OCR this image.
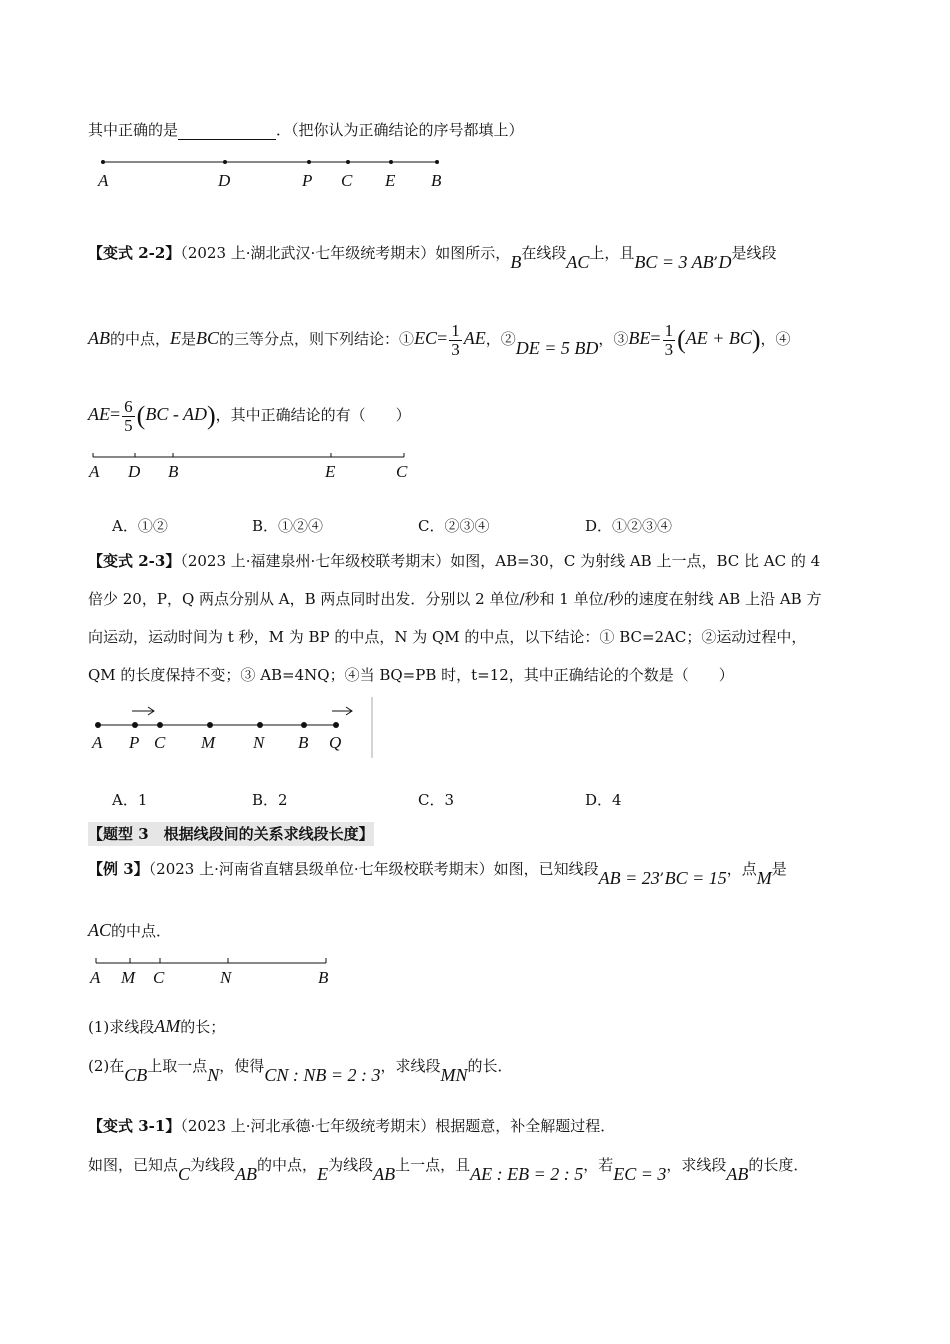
其中正确的是	．（把你认为正确结论的序号都填上）
A	D	P C E B
【变式 2-2】（2023 上·湖北武汉·七年级统考期末）如图所示，B在线段AC上，且BC = 3 AB,D是线段
AB的中点，E是BC的三等分点，则下列结论：①EC= $\frac{1}{3}$ AE，②DE = 5 BD，③BE= $\frac{1}{3} (AE + BC)$，④
$AE= \frac{6}{5} (BC - AD)$，其中正确结论的有（　　）
A D B	E	C
A．①②	B．①②④	C．②③④	D．①②③④
【变式 2-3】（2023 上·福建泉州·七年级校联考期末）如图，AB=30，C 为射线 AB 上一点，BC 比 AC 的 4
倍少 20，P，Q 两点分别从 A，B 两点同时出发．分别以 2 单位/秒和 1 单位/秒的速度在射线 AB 上沿 AB 方
向运动，运动时间为 t 秒，M 为 BP 的中点，N 为 QM 的中点，以下结论：① BC=2AC；②运动过程中，
QM 的长度保持不变；③ AB=4NQ；④当 BQ=PB 时，t=12，其中正确结论的个数是（　　）
A P C M N B Q
A．1	B．2	C．3	D．4
【题型 3　根据线段间的关系求线段长度】
【例 3】（2023 上·河南省直辖县级单位·七年级校联考期末）如图，已知线段AB = 23,BC = 15，点M是
AC的中点．
A M C	N	B
(1)求线段AM的长；
(2)在CB上取一点N，使得CN : NB = 2 : 3，求线段MN的长．
【变式 3-1】（2023 上·河北承德·七年级统考期末）根据题意，补全解题过程．
如图，已知点C为线段AB的中点，E为线段AB上一点，且AE : EB = 2 : 5，若EC = 3，求线段AB的长度．
